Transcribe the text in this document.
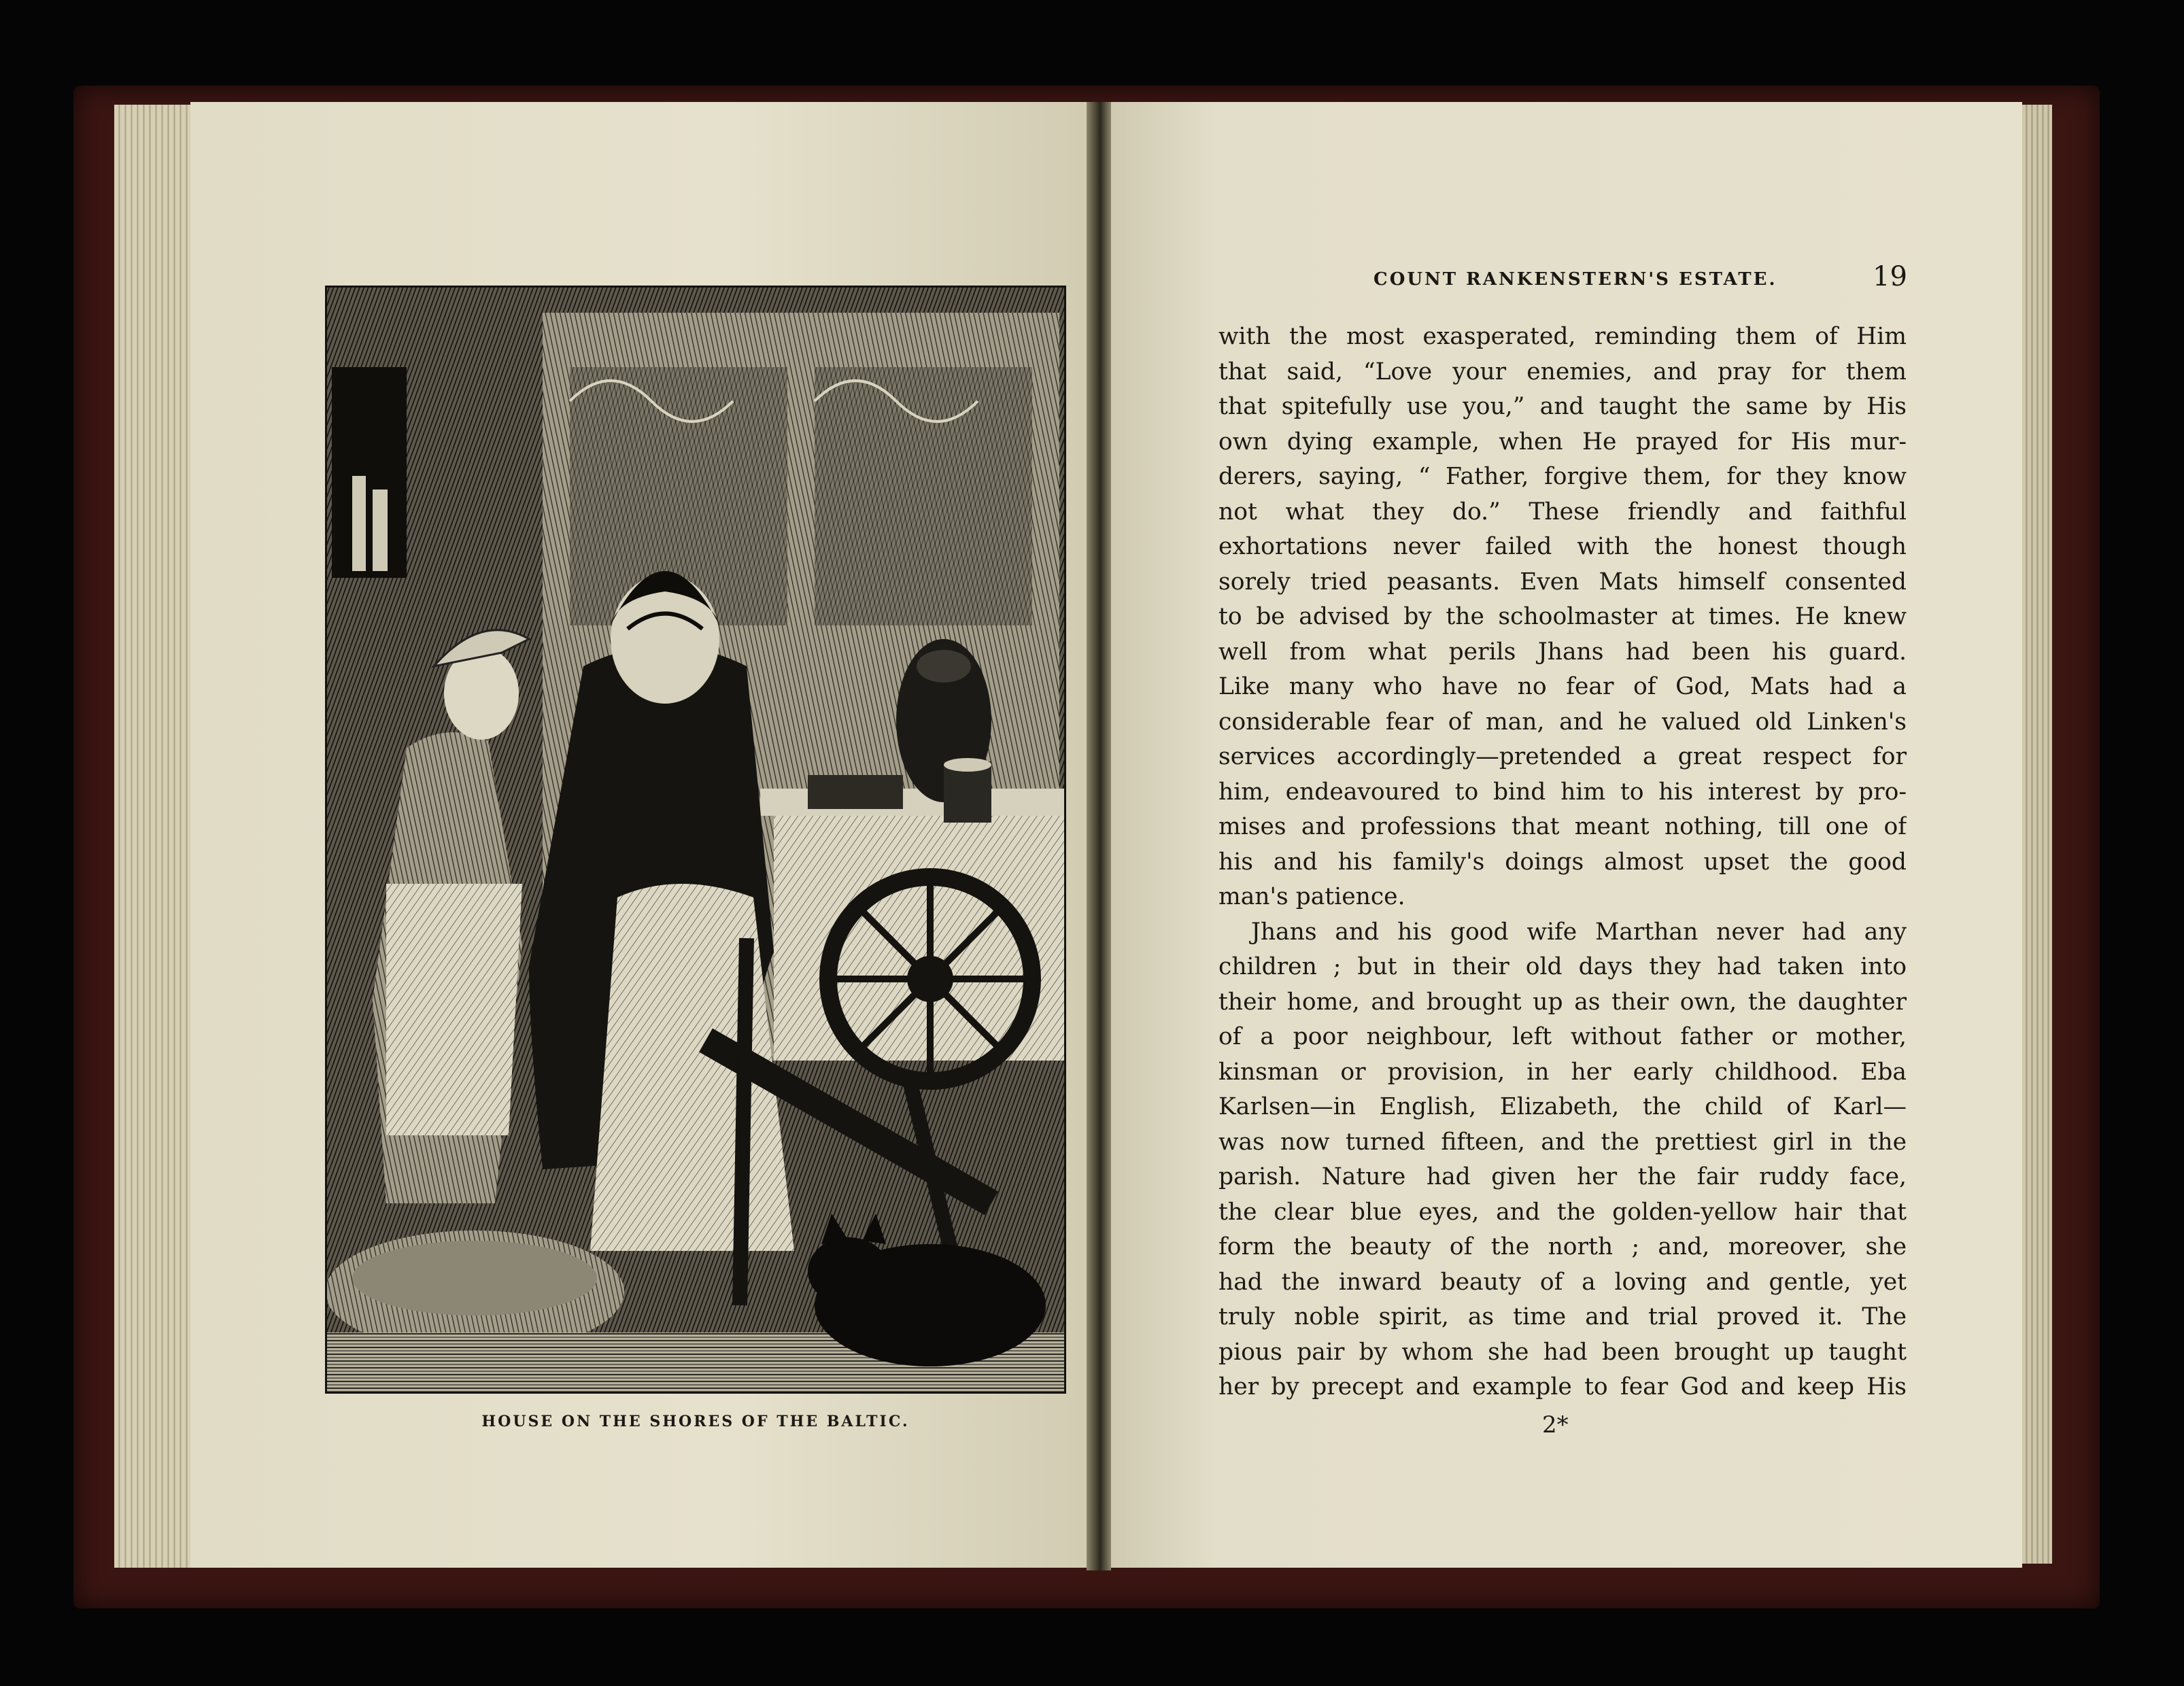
HOUSE ON THE SHORES OF THE BALTIC.
COUNT RANKENSTERN'S ESTATE.	19
with the most exasperated, reminding them of Him
that said, “Love your enemies, and pray for them
that spitefully use you,” and taught the same by His
own dying example, when He prayed for His mur-
derers, saying, “ Father, forgive them, for they know
not what they do.” These friendly and faithful
exhortations never failed with the honest though
sorely tried peasants. Even Mats himself consented
to be advised by the schoolmaster at times. He knew
well from what perils Jhans had been his guard.
Like many who have no fear of God, Mats had a
considerable fear of man, and he valued old Linken's
services accordingly—pretended a great respect for
him, endeavoured to bind him to his interest by pro-
mises and professions that meant nothing, till one of
his and his family's doings almost upset the good
man's patience.
Jhans and his good wife Marthan never had any
children ; but in their old days they had taken into
their home, and brought up as their own, the daughter
of a poor neighbour, left without father or mother,
kinsman or provision, in her early childhood. Eba
Karlsen—in English, Elizabeth, the child of Karl—
was now turned fifteen, and the prettiest girl in the
parish. Nature had given her the fair ruddy face,
the clear blue eyes, and the golden-yellow hair that
form the beauty of the north ; and, moreover, she
had the inward beauty of a loving and gentle, yet
truly noble spirit, as time and trial proved it. The
pious pair by whom she had been brought up taught
her by precept and example to fear God and keep His
2*
